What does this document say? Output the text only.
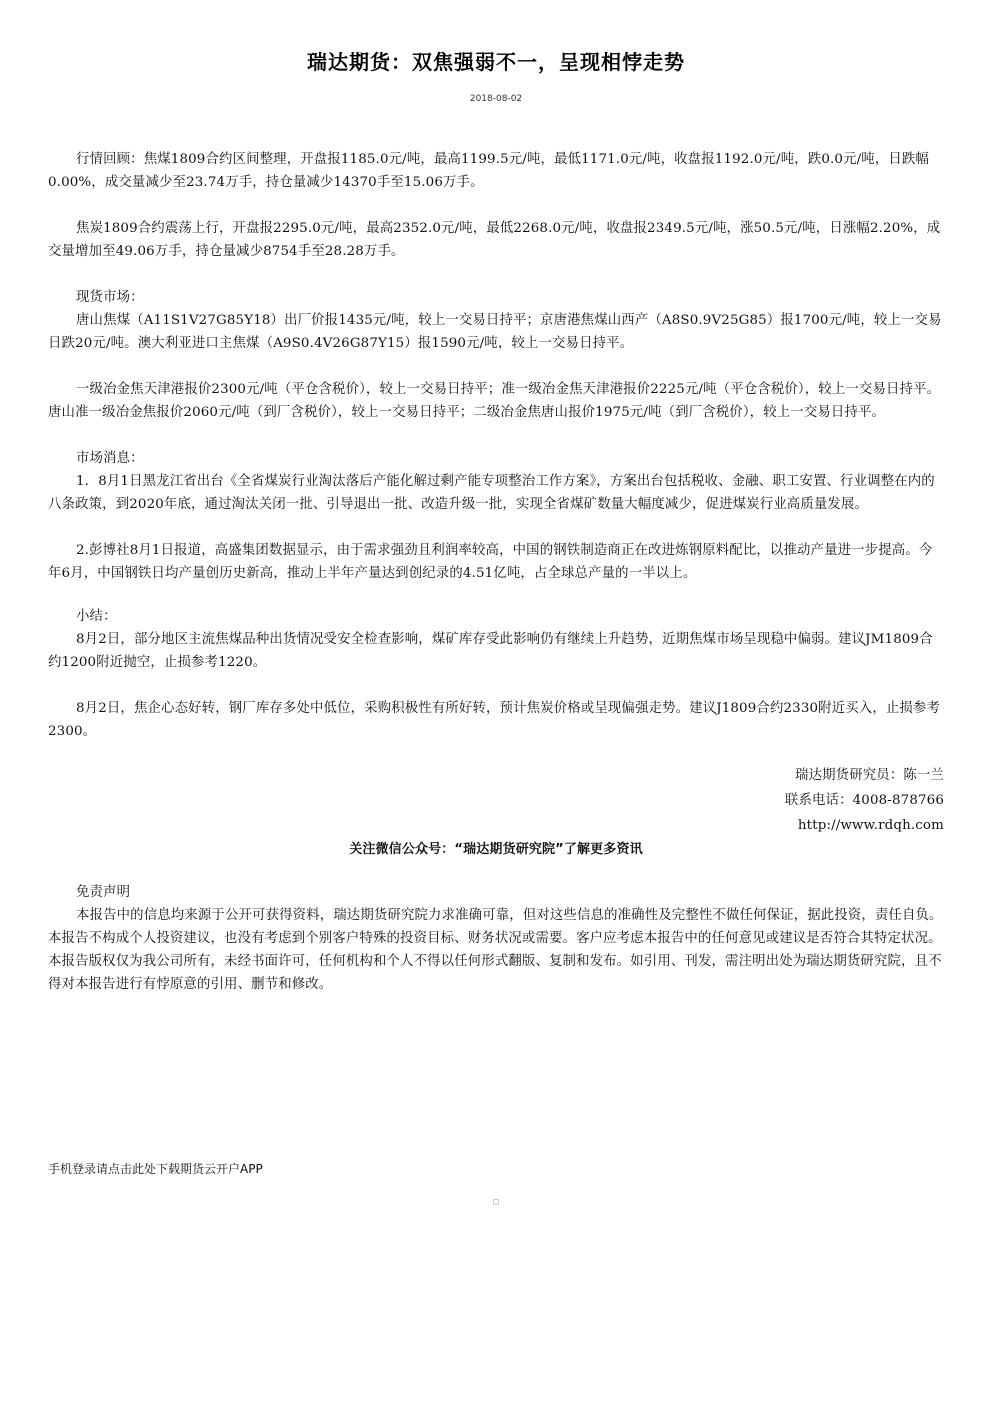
瑞达期货：双焦强弱不一，呈现相悖走势
2018-08-02

行情回顾：焦煤1809合约区间整理，开盘报1185.0元/吨，最高1199.5元/吨，最低1171.0元/吨，收盘报1192.0元/吨，跌0.0元/吨，日跌幅0.00%，成交量减少至23.74万手，持仓量减少14370手至15.06万手。

焦炭1809合约震荡上行，开盘报2295.0元/吨，最高2352.0元/吨，最低2268.0元/吨，收盘报2349.5元/吨，涨50.5元/吨，日涨幅2.20%，成交量增加至49.06万手，持仓量减少8754手至28.28万手。

现货市场：

唐山焦煤（A11S1V27G85Y18）出厂价报1435元/吨，较上一交易日持平；京唐港焦煤山西产（A8S0.9V25G85）报1700元/吨，较上一交易日跌20元/吨。澳大利亚进口主焦煤（A9S0.4V26G87Y15）报1590元/吨，较上一交易日持平。

一级冶金焦天津港报价2300元/吨（平仓含税价），较上一交易日持平；准一级冶金焦天津港报价2225元/吨（平仓含税价），较上一交易日持平。唐山准一级冶金焦报价2060元/吨（到厂含税价），较上一交易日持平；二级冶金焦唐山报价1975元/吨（到厂含税价），较上一交易日持平。

市场消息：

1．8月1日黑龙江省出台《全省煤炭行业淘汰落后产能化解过剩产能专项整治工作方案》，方案出台包括税收、金融、职工安置、行业调整在内的八条政策，到2020年底，通过淘汰关闭一批、引导退出一批、改造升级一批，实现全省煤矿数量大幅度减少，促进煤炭行业高质量发展。

2.彭博社8月1日报道，高盛集团数据显示，由于需求强劲且利润率较高，中国的钢铁制造商正在改进炼钢原料配比，以推动产量进一步提高。今年6月，中国钢铁日均产量创历史新高，推动上半年产量达到创纪录的4.51亿吨，占全球总产量的一半以上。

小结：

8月2日，部分地区主流焦煤品种出货情况受安全检查影响，煤矿库存受此影响仍有继续上升趋势，近期焦煤市场呈现稳中偏弱。建议JM1809合约1200附近抛空，止损参考1220。

8月2日，焦企心态好转，钢厂库存多处中低位，采购积极性有所好转，预计焦炭价格或呈现偏强走势。建议J1809合约2330附近买入，止损参考2300。

瑞达期货研究员：陈一兰

联系电话：4008-878766

http://www.rdqh.com

关注微信公众号：“瑞达期货研究院”了解更多资讯

免责声明

本报告中的信息均来源于公开可获得资料，瑞达期货研究院力求准确可靠，但对这些信息的准确性及完整性不做任何保证，据此投资，责任自负。本报告不构成个人投资建议，也没有考虑到个别客户特殊的投资目标、财务状况或需要。客户应考虑本报告中的任何意见或建议是否符合其特定状况。本报告版权仅为我公司所有，未经书面许可，任何机构和个人不得以任何形式翻版、复制和发布。如引用、刊发，需注明出处为瑞达期货研究院，且不得对本报告进行有悖原意的引用、删节和修改。

手机登录请点击此处下载期货云开户APP
